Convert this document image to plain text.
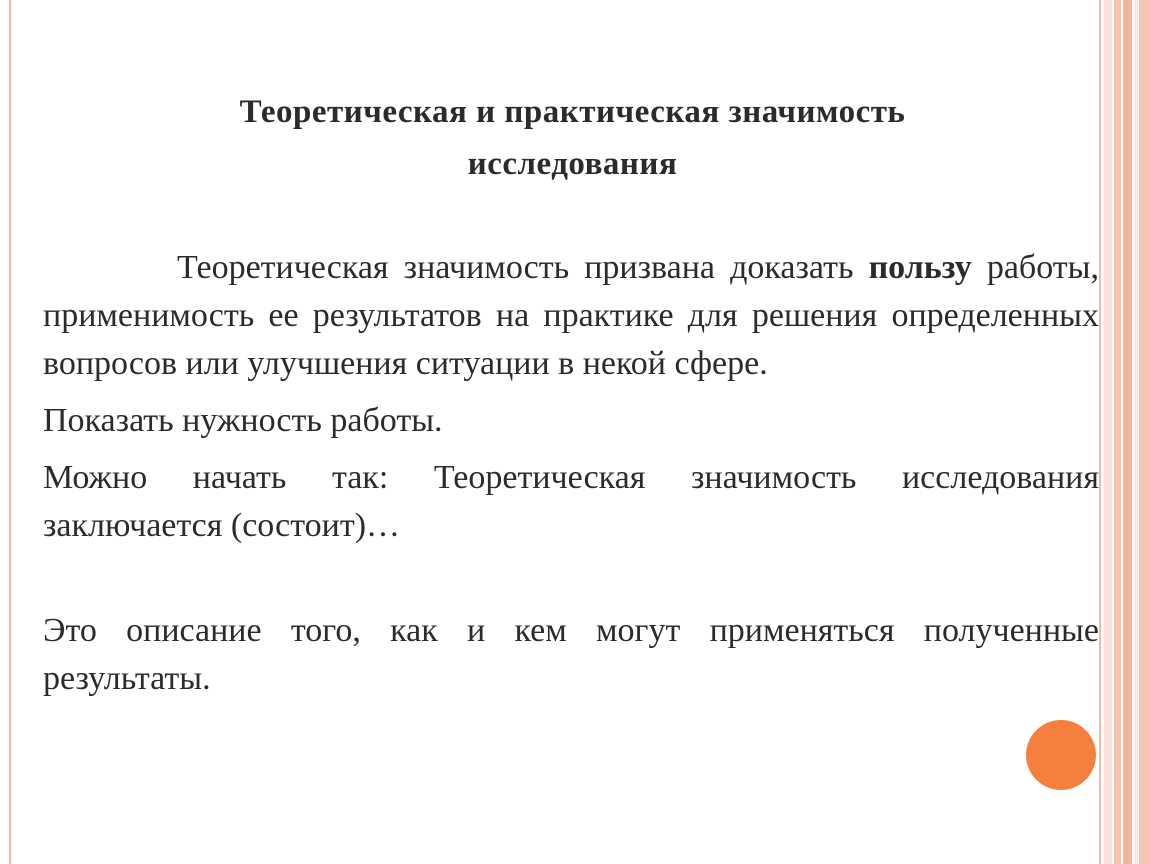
Теоретическая и практическая значимость
исследования

Теоретическая значимость призвана доказать пользу работы, применимость ее результатов на практике для решения определенных вопросов или улучшения ситуации в некой сфере.

Показать нужность работы.

Можно начать так: Теоретическая значимость исследования заключается (состоит)…

Это описание того, как и кем могут применяться полученные результаты.
